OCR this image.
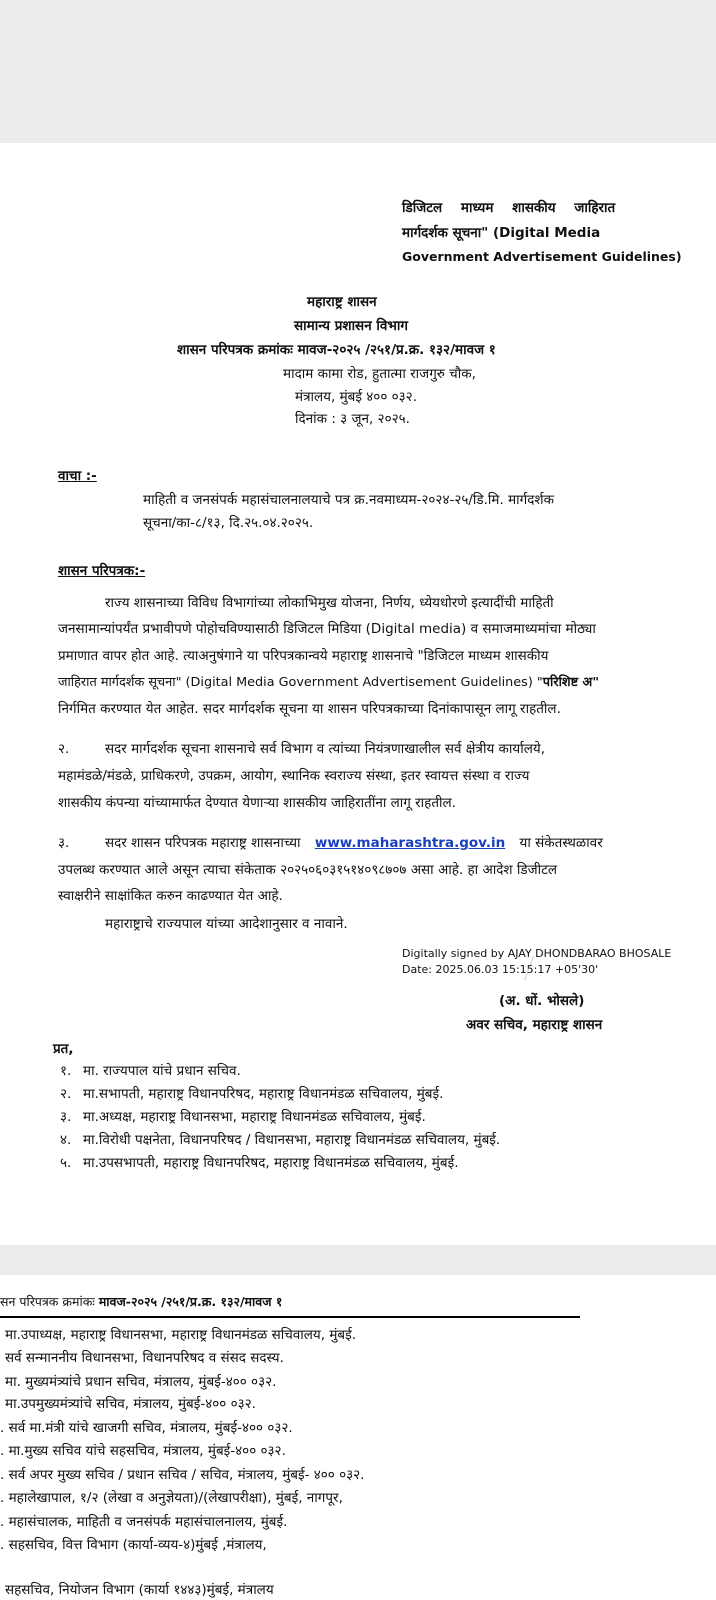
डिजिटल माध्यम शासकीय जाहिरात
मार्गदर्शक सूचना" (Digital Media
Government Advertisement Guidelines)
महाराष्ट्र शासन
सामान्य प्रशासन विभाग
शासन परिपत्रक क्रमांकः मावज-२०२५ /२५१/प्र.क्र. १३२/मावज १
मादाम कामा रोड, हुतात्मा राजगुरु चौक,
मंत्रालय, मुंबई ४०० ०३२.
दिनांक : ३ जून, २०२५.
वाचा :-
माहिती व जनसंपर्क महासंचालनालयाचे पत्र क्र.नवमाध्यम-२०२४-२५/डि.मि. मार्गदर्शक
सूचना/का-८/१३, दि.२५.०४.२०२५.
शासन परिपत्रक:-
राज्य शासनाच्या विविध विभागांच्या लोकाभिमुख योजना, निर्णय, ध्येयधोरणे इत्यादींची माहिती
जनसामान्यांपर्यंत प्रभावीपणे पोहोचविण्यासाठी डिजिटल मिडिया (Digital media) व समाजमाध्यमांचा मोठ्या
प्रमाणात वापर होत आहे. त्याअनुषंगाने या परिपत्रकान्वये महाराष्ट्र शासनाचे "डिजिटल माध्यम शासकीय
जाहिरात मार्गदर्शक सूचना" (Digital Media Government Advertisement Guidelines) "परिशिष्ट अ"
निर्गमित करण्यात येत आहेत. सदर मार्गदर्शक सूचना या शासन परिपत्रकाच्या दिनांकापासून लागू राहतील.
२.	सदर मार्गदर्शक सूचना शासनाचे सर्व विभाग व त्यांच्या नियंत्रणाखालील सर्व क्षेत्रीय कार्यालये,
महामंडळे/मंडळे, प्राधिकरणे, उपक्रम, आयोग, स्थानिक स्वराज्य संस्था, इतर स्वायत्त संस्था व राज्य
शासकीय कंपन्या यांच्यामार्फत देण्यात येणाऱ्या शासकीय जाहिरातींना लागू राहतील.
३.	सदर शासन परिपत्रक महाराष्ट्र शासनाच्या www.maharashtra.gov.in या संकेतस्थळावर
उपलब्ध करण्यात आले असून त्याचा संकेताक २०२५०६०३१५१४०९८७०७ असा आहे. हा आदेश डिजीटल
स्वाक्षरीने साक्षांकित करुन काढण्यात येत आहे.
महाराष्ट्राचे राज्यपाल यांच्या आदेशानुसार व नावाने.
Digitally signed by AJAY DHONDBARAO BHOSALE
Date: 2025.06.03 15:15:17 +05'30'
(अ. धों. भोसले)
अवर सचिव, महाराष्ट्र शासन
प्रत,
१. मा. राज्यपाल यांचे प्रधान सचिव.
२. मा.सभापती, महाराष्ट्र विधानपरिषद, महाराष्ट्र विधानमंडळ सचिवालय, मुंबई.
३. मा.अध्यक्ष, महाराष्ट्र विधानसभा, महाराष्ट्र विधानमंडळ सचिवालय, मुंबई.
४. मा.विरोधी पक्षनेता, विधानपरिषद / विधानसभा, महाराष्ट्र विधानमंडळ सचिवालय, मुंबई.
५. मा.उपसभापती, महाराष्ट्र विधानपरिषद, महाराष्ट्र विधानमंडळ सचिवालय, मुंबई.
सन परिपत्रक क्रमांकः मावज-२०२५ /२५१/प्र.क्र. १३२/मावज १
मा.उपाध्यक्ष, महाराष्ट्र विधानसभा, महाराष्ट्र विधानमंडळ सचिवालय, मुंबई.
सर्व सन्माननीय विधानसभा, विधानपरिषद व संसद सदस्य.
मा. मुख्यमंत्र्यांचे प्रधान सचिव, मंत्रालय, मुंबई-४०० ०३२.
मा.उपमुख्यमंत्र्यांचे सचिव, मंत्रालय, मुंबई-४०० ०३२.
. सर्व मा.मंत्री यांचे खाजगी सचिव, मंत्रालय, मुंबई-४०० ०३२.
. मा.मुख्य सचिव यांचे सहसचिव, मंत्रालय, मुंबई-४०० ०३२.
. सर्व अपर मुख्य सचिव / प्रधान सचिव / सचिव, मंत्रालय, मुंबई- ४०० ०३२.
. महालेखापाल, १/२ (लेखा व अनुज्ञेयता)/(लेखापरीक्षा), मुंबई, नागपूर,
. महासंचालक, माहिती व जनसंपर्क महासंचालनालय, मुंबई.
. सहसचिव, वित्त विभाग (कार्या-व्यय-४)मुंबई ,मंत्रालय,
सहसचिव, नियोजन विभाग (कार्या १४४३)मुंबई, मंत्रालय
